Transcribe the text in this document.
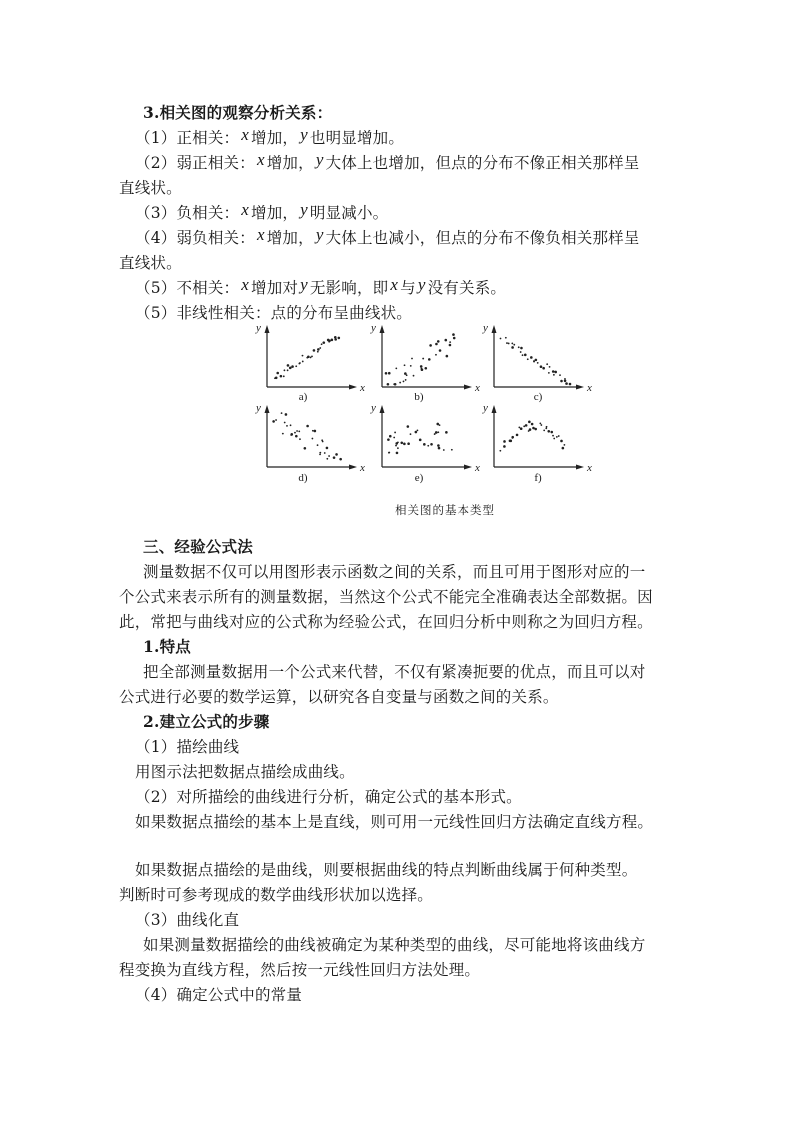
3.相关图的观察分析关系：
（1）正相关： x 增加， y 也明显增加。
（2）弱正相关： x 增加， y 大体上也增加，但点的分布不像正相关那样呈
直线状。
（3）负相关： x 增加， y 明显减小。
（4）弱负相关： x 增加， y 大体上也减小，但点的分布不像负相关那样呈
直线状。
（5）不相关： x 增加对 y 无影响，即 x 与 y 没有关系。
（5）非线性相关：点的分布呈曲线状。
x
y
x
y
x
y
x
y
x
y
x
y
a)	b)	c)
d)	e)	f)
相关图的基本类型
三、经验公式法
测量数据不仅可以用图形表示函数之间的关系，而且可用于图形对应的一
个公式来表示所有的测量数据，当然这个公式不能完全准确表达全部数据。因
此，常把与曲线对应的公式称为经验公式，在回归分析中则称之为回归方程。
1.特点
把全部测量数据用一个公式来代替，不仅有紧凑扼要的优点，而且可以对
公式进行必要的数学运算，以研究各自变量与函数之间的关系。
2.建立公式的步骤
（1）描绘曲线
用图示法把数据点描绘成曲线。
（2）对所描绘的曲线进行分析，确定公式的基本形式。
如果数据点描绘的基本上是直线，则可用一元线性回归方法确定直线方程。
如果数据点描绘的是曲线，则要根据曲线的特点判断曲线属于何种类型。
判断时可参考现成的数学曲线形状加以选择。
（3）曲线化直
如果测量数据描绘的曲线被确定为某种类型的曲线，尽可能地将该曲线方
程变换为直线方程，然后按一元线性回归方法处理。
（4）确定公式中的常量
